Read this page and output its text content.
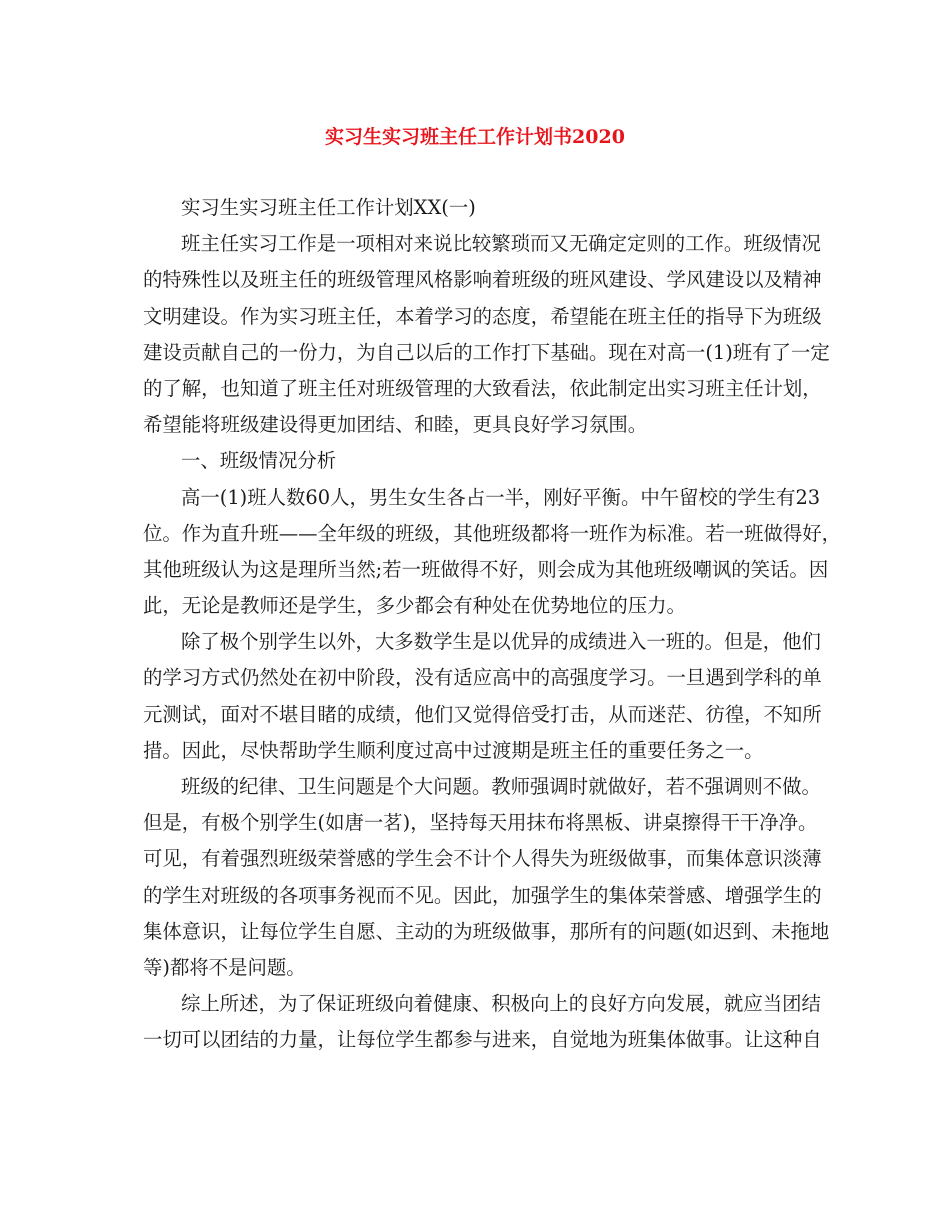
实习生实习班主任工作计划书2020
实习生实习班主任工作计划XX(一)
班主任实习工作是一项相对来说比较繁琐而又无确定定则的工作。班级情况
的特殊性以及班主任的班级管理风格影响着班级的班风建设、学风建设以及精神
文明建设。作为实习班主任，本着学习的态度，希望能在班主任的指导下为班级
建设贡献自己的一份力，为自己以后的工作打下基础。现在对高一(1)班有了一定
的了解，也知道了班主任对班级管理的大致看法，依此制定出实习班主任计划，
希望能将班级建设得更加团结、和睦，更具良好学习氛围。
一、班级情况分析
高一(1)班人数60人，男生女生各占一半，刚好平衡。中午留校的学生有23
位。作为直升班——全年级的班级，其他班级都将一班作为标准。若一班做得好，
其他班级认为这是理所当然;若一班做得不好，则会成为其他班级嘲讽的笑话。因
此，无论是教师还是学生，多少都会有种处在优势地位的压力。
除了极个别学生以外，大多数学生是以优异的成绩进入一班的。但是，他们
的学习方式仍然处在初中阶段，没有适应高中的高强度学习。一旦遇到学科的单
元测试，面对不堪目睹的成绩，他们又觉得倍受打击，从而迷茫、彷徨，不知所
措。因此，尽快帮助学生顺利度过高中过渡期是班主任的重要任务之一。
班级的纪律、卫生问题是个大问题。教师强调时就做好，若不强调则不做。
但是，有极个别学生(如唐一茗)，坚持每天用抹布将黑板、讲桌擦得干干净净。
可见，有着强烈班级荣誉感的学生会不计个人得失为班级做事，而集体意识淡薄
的学生对班级的各项事务视而不见。因此，加强学生的集体荣誉感、增强学生的
集体意识，让每位学生自愿、主动的为班级做事，那所有的问题(如迟到、未拖地
等)都将不是问题。
综上所述，为了保证班级向着健康、积极向上的良好方向发展，就应当团结
一切可以团结的力量，让每位学生都参与进来，自觉地为班集体做事。让这种自
